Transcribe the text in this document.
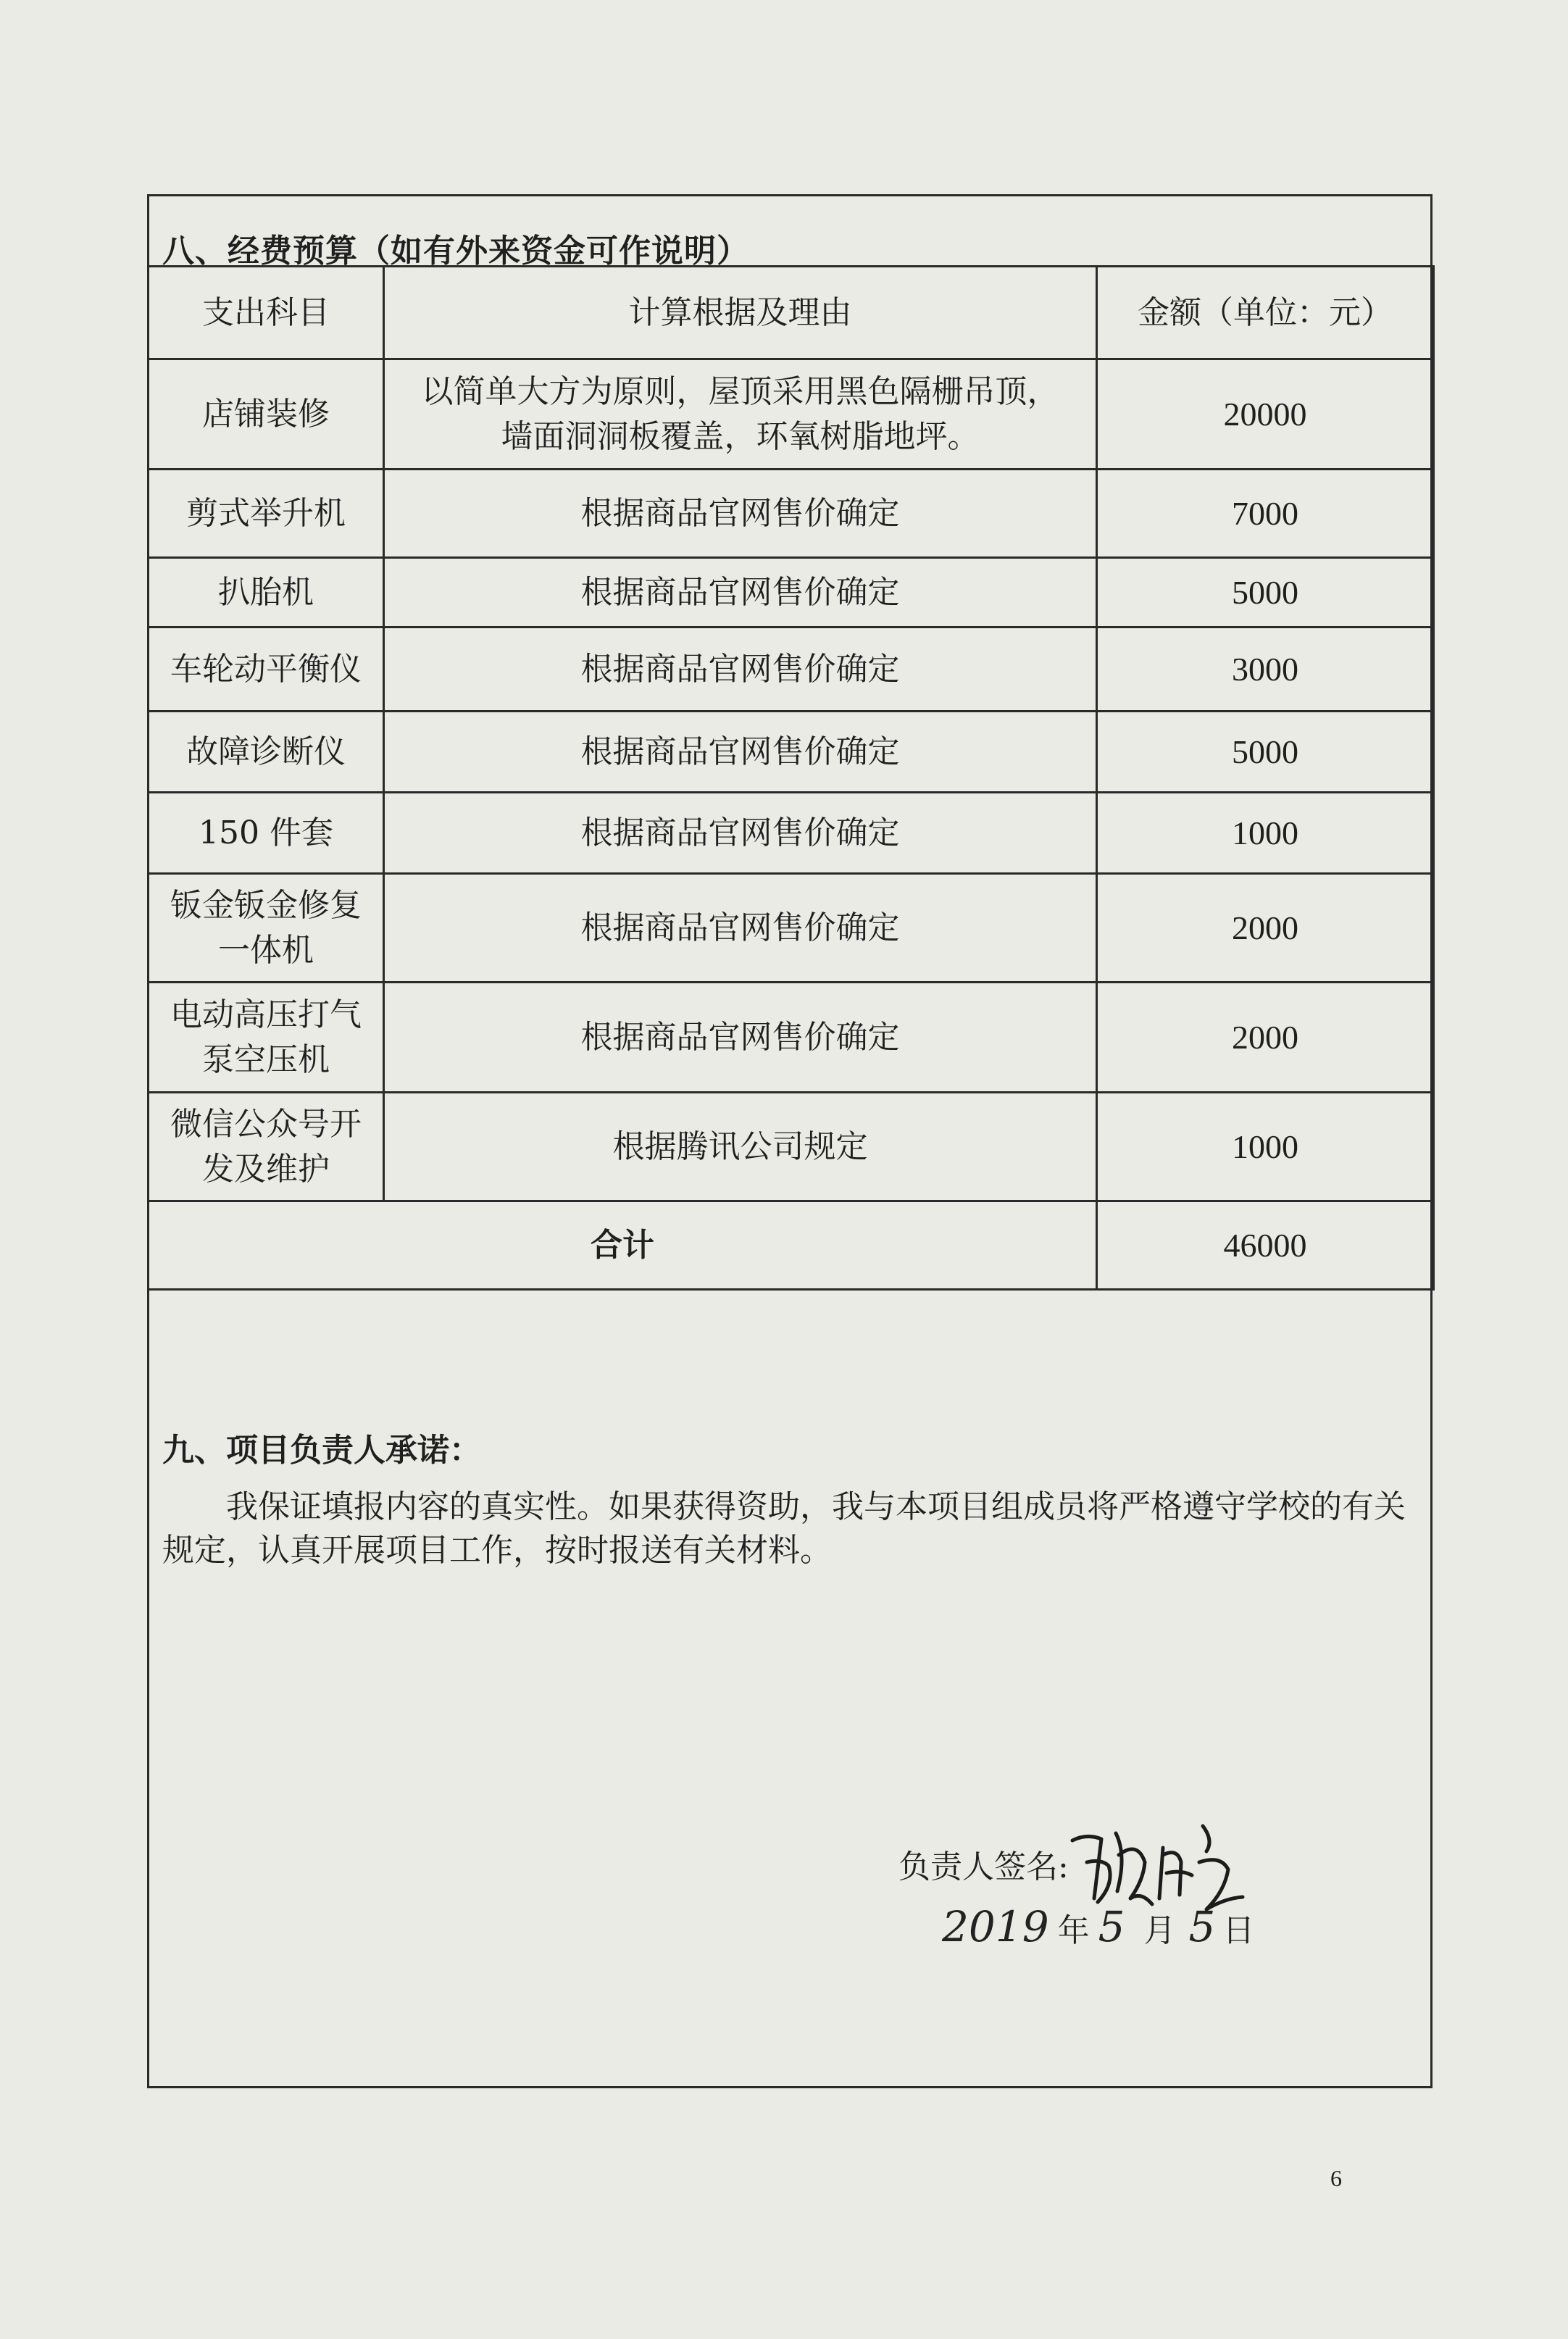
八、经费预算（如有外来资金可作说明）
支出科目	计算根据及理由	金额（单位：元）
店铺装修	以简单大方为原则，屋顶采用黑色隔栅吊顶，墙面洞洞板覆盖，环氧树脂地坪。	20000
剪式举升机	根据商品官网售价确定	7000
扒胎机	根据商品官网售价确定	5000
车轮动平衡仪	根据商品官网售价确定	3000
故障诊断仪	根据商品官网售价确定	5000
150 件套	根据商品官网售价确定	1000
钣金钣金修复一体机	根据商品官网售价确定	2000
电动高压打气泵空压机	根据商品官网售价确定	2000
微信公众号开发及维护	根据腾讯公司规定	1000
合计		46000
九、项目负责人承诺：
我保证填报内容的真实性。如果获得资助，我与本项目组成员将严格遵守学校的有关规定，认真开展项目工作，按时报送有关材料。
负责人签名:
2019 年 5 月 5 日
6
